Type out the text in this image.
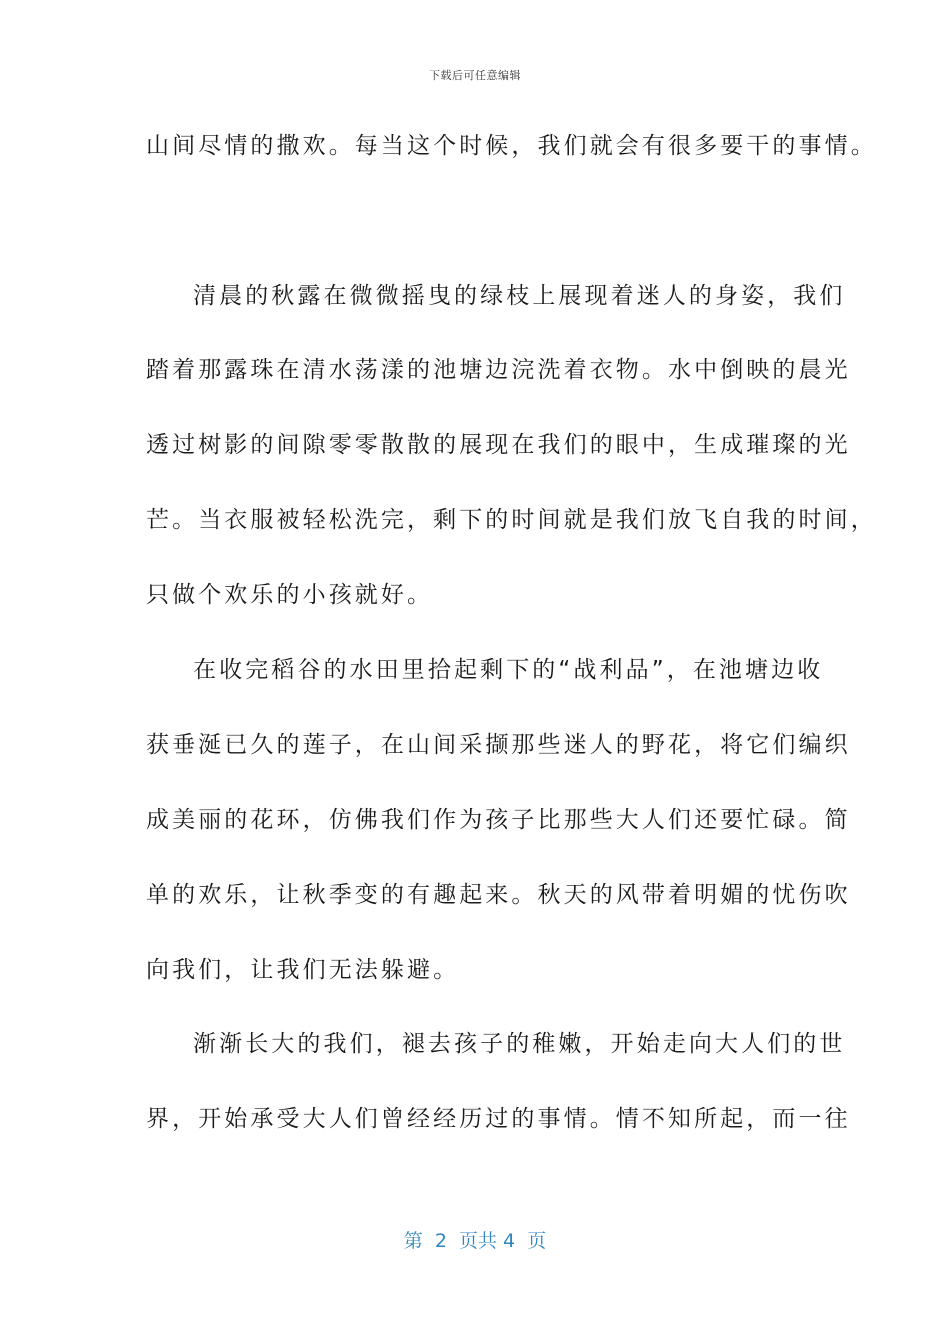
下载后可任意编辑
山间尽情的撒欢。每当这个时候，我们就会有很多要干的事情。
清晨的秋露在微微摇曳的绿枝上展现着迷人的身姿，我们
踏着那露珠在清水荡漾的池塘边浣洗着衣物。水中倒映的晨光
透过树影的间隙零零散散的展现在我们的眼中，生成璀璨的光
芒。当衣服被轻松洗完，剩下的时间就是我们放飞自我的时间，
只做个欢乐的小孩就好。
在收完稻谷的水田里拾起剩下的“战利品”，在池塘边收
获垂涎已久的莲子，在山间采撷那些迷人的野花，将它们编织
成美丽的花环，仿佛我们作为孩子比那些大人们还要忙碌。简
单的欢乐，让秋季变的有趣起来。秋天的风带着明媚的忧伤吹
向我们，让我们无法躲避。
渐渐长大的我们，褪去孩子的稚嫩，开始走向大人们的世
界，开始承受大人们曾经经历过的事情。情不知所起，而一往
第  2  页共 4  页
